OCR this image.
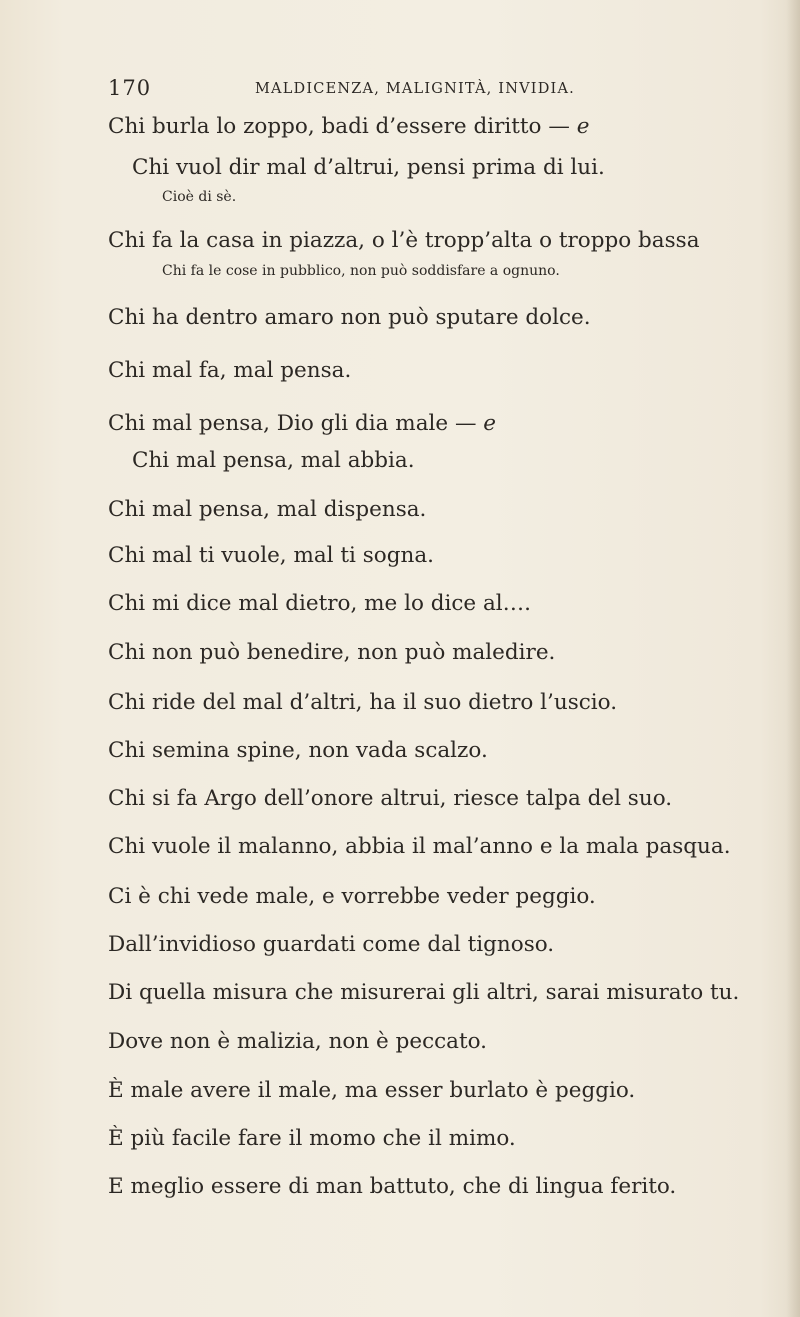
170	MALDICENZA, MALIGNITÀ, INVIDIA.
Chi burla lo zoppo, badi d’essere diritto — e
Chi vuol dir mal d’altrui, pensi prima di lui.
Cioè di sè.
Chi fa la casa in piazza, o l’è tropp’alta o troppo bassa
Chi fa le cose in pubblico, non può soddisfare a ognuno.
Chi ha dentro amaro non può sputare dolce.
Chi mal fa, mal pensa.
Chi mal pensa, Dio gli dia male — e
Chi mal pensa, mal abbia.
Chi mal pensa, mal dispensa.
Chi mal ti vuole, mal ti sogna.
Chi mi dice mal dietro, me lo dice al….
Chi non può benedire, non può maledire.
Chi ride del mal d’altri, ha il suo dietro l’uscio.
Chi semina spine, non vada scalzo.
Chi si fa Argo dell’onore altrui, riesce talpa del suo.
Chi vuole il malanno, abbia il mal’anno e la mala pasqua.
Ci è chi vede male, e vorrebbe veder peggio.
Dall’invidioso guardati come dal tignoso.
Di quella misura che misurerai gli altri, sarai misurato tu.
Dove non è malizia, non è peccato.
È male avere il male, ma esser burlato è peggio.
È più facile fare il momo che il mimo.
E meglio essere di man battuto, che di lingua ferito.
